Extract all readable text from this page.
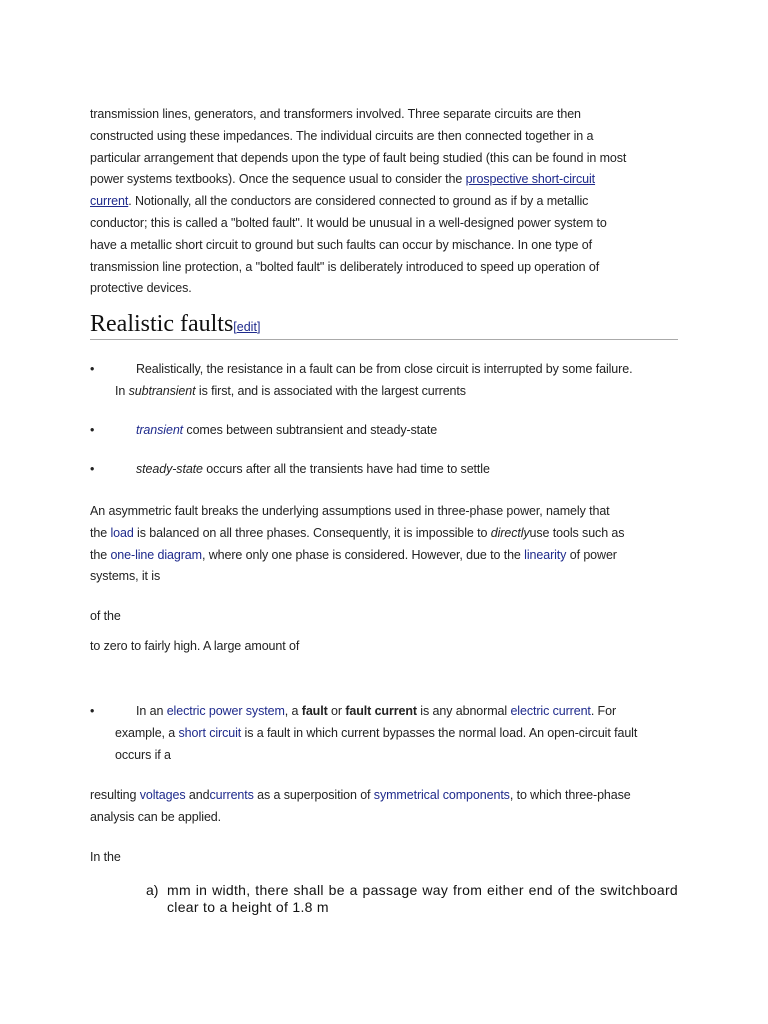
transmission lines, generators, and transformers involved. Three separate circuits are then
constructed using these impedances. The individual circuits are then connected together in a
particular arrangement that depends upon the type of fault being studied (this can be found in most
power systems textbooks). Once the sequence usual to consider the prospective short-circuit
current. Notionally, all the conductors are considered connected to ground as if by a metallic
conductor; this is called a "bolted fault". It would be unusual in a well-designed power system to
have a metallic short circuit to ground but such faults can occur by mischance. In one type of
transmission line protection, a "bolted fault" is deliberately introduced to speed up operation of
protective devices.
Realistic faults[edit]
•	Realistically, the resistance in a fault can be from close circuit is interrupted by some failure.
In subtransient is first, and is associated with the largest currents
•	transient comes between subtransient and steady-state
•	steady-state occurs after all the transients have had time to settle
An asymmetric fault breaks the underlying assumptions used in three-phase power, namely that
the load is balanced on all three phases. Consequently, it is impossible to directlyuse tools such as
the one-line diagram, where only one phase is considered. However, due to the linearity of power
systems, it is
of the
to zero to fairly high. A large amount of
•	In an electric power system, a fault or fault current is any abnormal electric current. For
example, a short circuit is a fault in which current bypasses the normal load. An open-circuit fault
occurs if a
resulting voltages andcurrents as a superposition of symmetrical components, to which three-phase
analysis can be applied.
In the
a) mm in width, there shall be a passage way from either end of the switchboard clear to a height of 1.8 m
